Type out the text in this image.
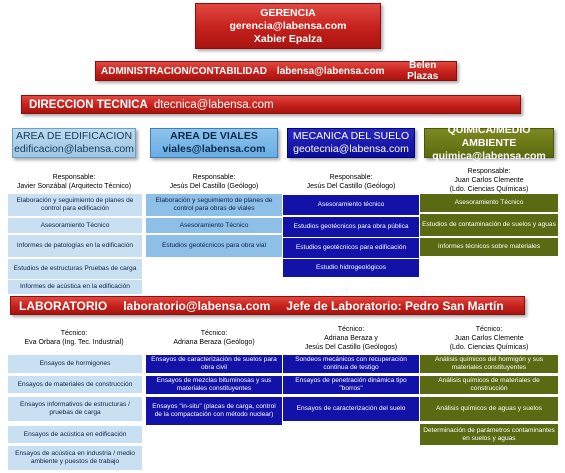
GERENCIA
gerencia@labensa.com
Xabier Epalza
ADMINISTRACION/CONTABILIDAD labensa@labensa.com	Belen Plazas
DIRECCION TECNICA dtecnica@labensa.com
AREA DE EDIFICACION
edificacion@labensa.com
AREA DE VIALES
viales@labensa.com
MECANICA DEL SUELO
geotecnia@labensa.com
QUIMICA/MEDIO AMBIENTE
quimica@labensa.com
Responsable:
Javier Sonzábal (Arquitecto Técnico)
Responsable:
Jesús Del Castillo (Geólogo)
Responsable:
Jesús Del Castillo (Geólogo)
Responsable:
Juan Carlos Clemente
(Ldo. Ciencias Químicas)
Elaboración y seguimiento de planes de control para edificación
Asesoramiento Técnico
Informes de patologías en la edificación
Estudios de estructuras Pruebas de carga
Informes de acústica en la edificación
Elaboración y seguimiento de planes de control para obras de viales
Asesoramiento Técnico
Estudios geotécnicos para obra vial
Asesoramiento técnico
Estudios geotécnicos para obra pública
Estudios geotécnicos para edificación
Estudio hidrogeológicos
Asesoramiento Técnico
Estudios de contaminación de suelos y aguas
Informes técnicos sobre materiales
LABORATORIO laboratorio@labensa.com Jefe de Laboratorio: Pedro San Martín
Técnico:
Eva Orbara (Ing. Tec. Industrial)
Técnico:
Adriana Beraza (Geólogo)
Técnico:
Adriana Beraza y
Jesús Del Castillo (Geólogos)
Técnico:
Juan Carlos Clemente
(Ldo. Ciencias Químicas)
Ensayos de hormigones
Ensayos de materiales de construcción
Ensayos informativos de estructuras / pruebas de carga
Ensayos de acústica en edificación
Ensayos de acústica en industria / medio ambiente y puestos de trabajo
Ensayos de caracterización de suelos para obra civil
Ensayos de mezclas bituminosas y sus materiales constituyentes
Ensayos "in-situ" (placas de carga, control de la compactación con método nuclear)
Sondeos mecánicos con recuperación continua de testigo
Ensayos de penetración dinámica tipo "borros"
Ensayos de caracterización del suelo
Análisis químicos del hormigón y sus materiales constituyentes
Análisis químicos de materiales de construcción
Análisis químicos de aguas y suelos
Determinación de parámetros contaminantes en suelos y aguas
